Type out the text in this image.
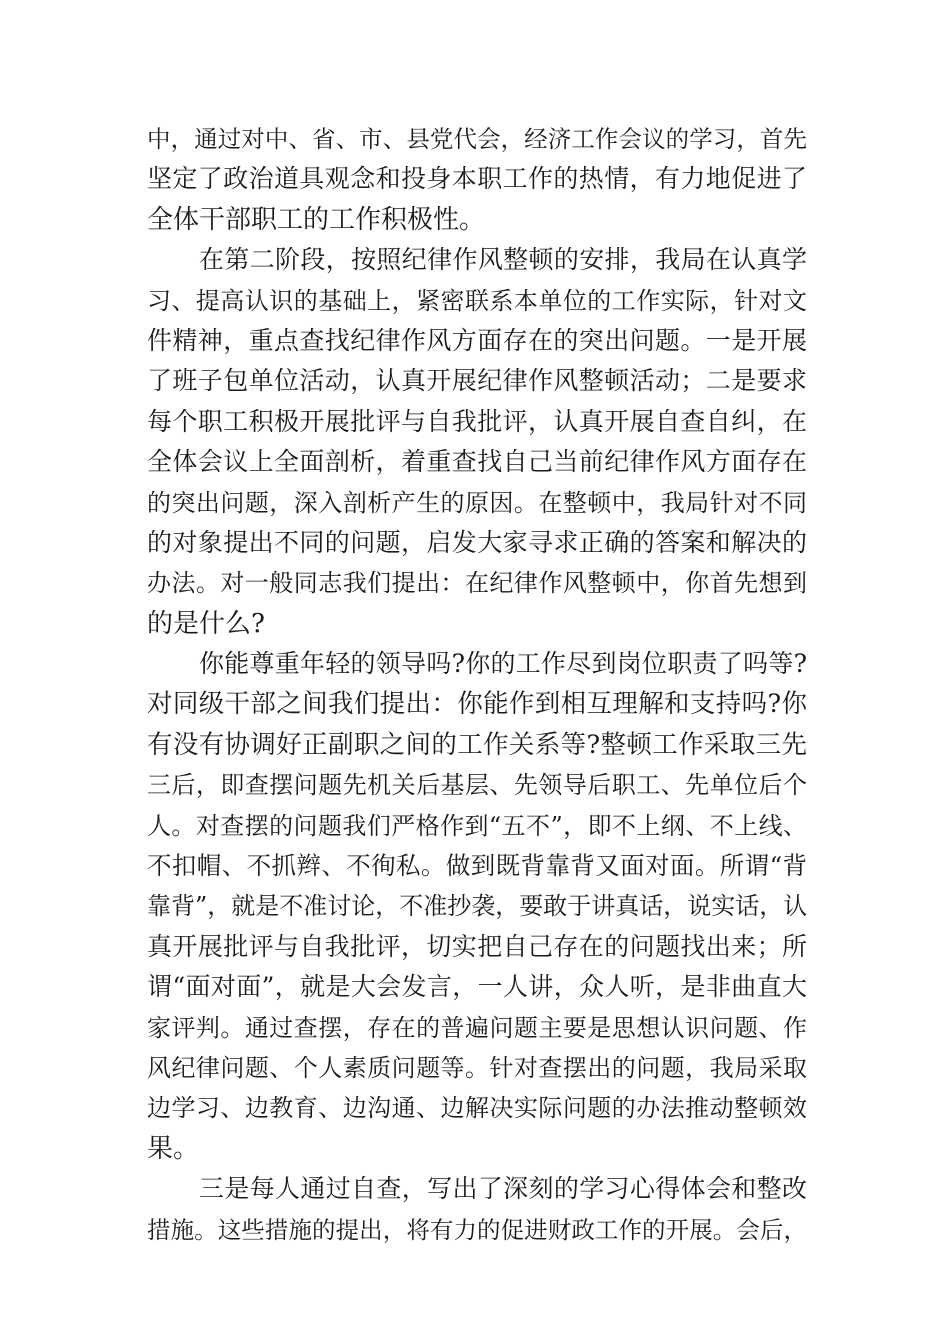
中，通过对中、省、市、县党代会，经济工作会议的学习，首先
坚定了政治道具观念和投身本职工作的热情，有力地促进了
全体干部职工的工作积极性。
在第二阶段，按照纪律作风整顿的安排，我局在认真学
习、提高认识的基础上，紧密联系本单位的工作实际，针对文
件精神，重点查找纪律作风方面存在的突出问题。一是开展
了班子包单位活动，认真开展纪律作风整顿活动；二是要求
每个职工积极开展批评与自我批评，认真开展自查自纠，在
全体会议上全面剖析，着重查找自己当前纪律作风方面存在
的突出问题，深入剖析产生的原因。在整顿中，我局针对不同
的对象提出不同的问题，启发大家寻求正确的答案和解决的
办法。对一般同志我们提出：在纪律作风整顿中，你首先想到
的是什么?
你能尊重年轻的领导吗?你的工作尽到岗位职责了吗等?
对同级干部之间我们提出：你能作到相互理解和支持吗?你
有没有协调好正副职之间的工作关系等?整顿工作采取三先
三后，即查摆问题先机关后基层、先领导后职工、先单位后个
人。对查摆的问题我们严格作到“五不”，即不上纲、不上线、
不扣帽、不抓辫、不徇私。做到既背靠背又面对面。所谓“背
靠背”，就是不准讨论，不准抄袭，要敢于讲真话，说实话，认
真开展批评与自我批评，切实把自己存在的问题找出来；所
谓“面对面”，就是大会发言，一人讲，众人听，是非曲直大
家评判。通过查摆，存在的普遍问题主要是思想认识问题、作
风纪律问题、个人素质问题等。针对查摆出的问题，我局采取
边学习、边教育、边沟通、边解决实际问题的办法推动整顿效
果。
三是每人通过自查，写出了深刻的学习心得体会和整改
措施。这些措施的提出，将有力的促进财政工作的开展。会后，
